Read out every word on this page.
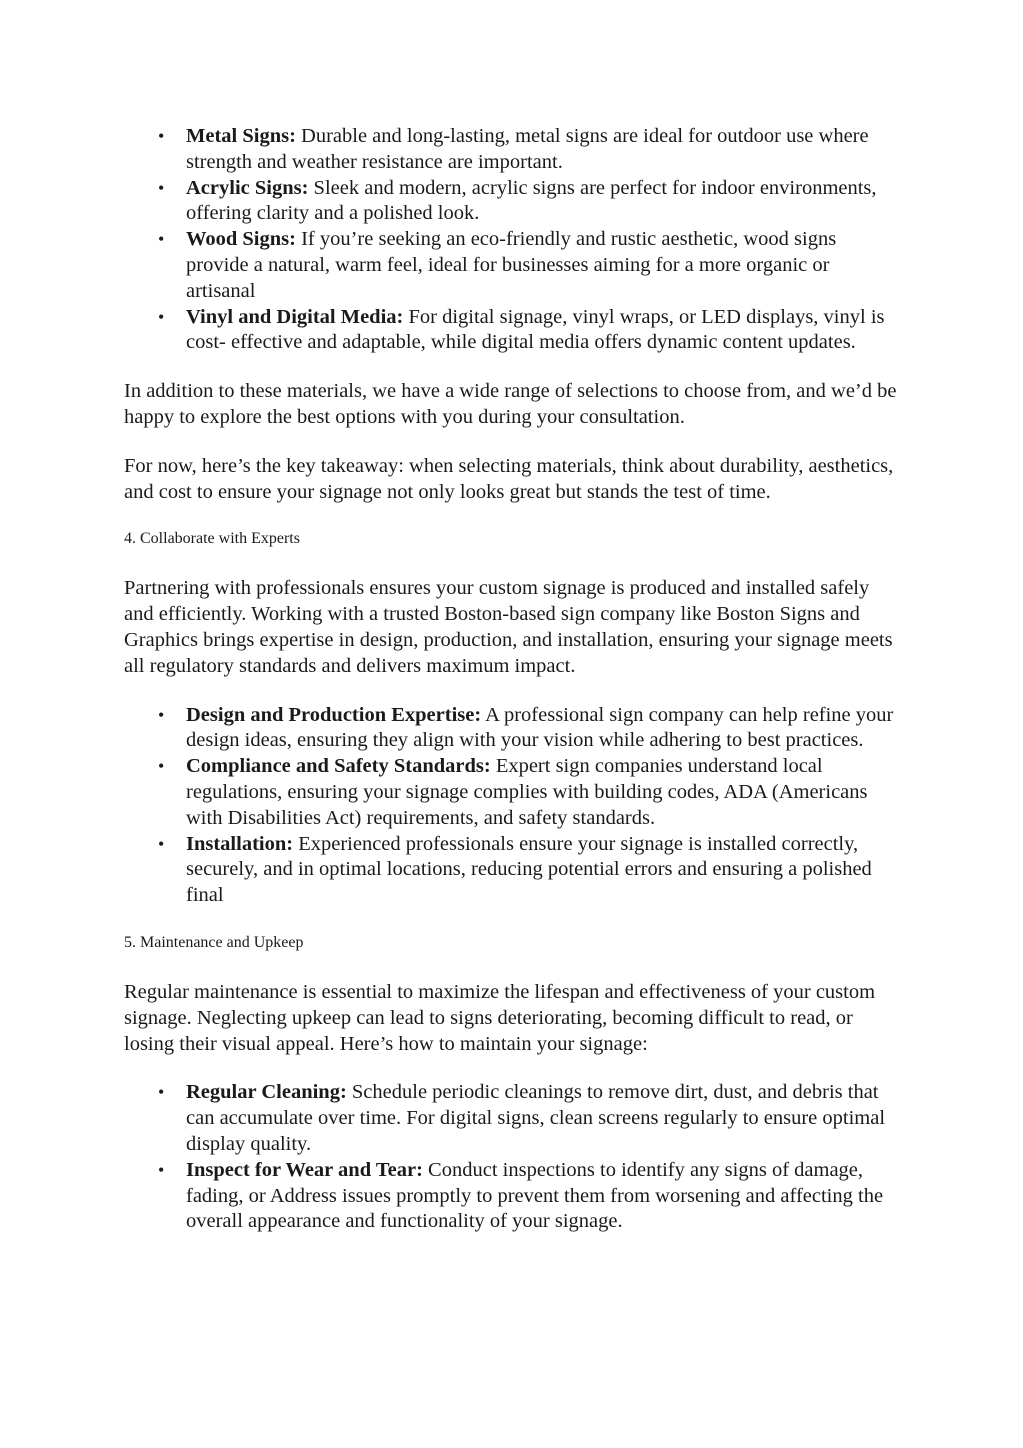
• Metal Signs: Durable and long-lasting, metal signs are ideal for outdoor use where strength and weather resistance are important.
• Acrylic Signs: Sleek and modern, acrylic signs are perfect for indoor environments, offering clarity and a polished look.
• Wood Signs: If you’re seeking an eco-friendly and rustic aesthetic, wood signs provide a natural, warm feel, ideal for businesses aiming for a more organic or artisanal
• Vinyl and Digital Media: For digital signage, vinyl wraps, or LED displays, vinyl is cost- effective and adaptable, while digital media offers dynamic content updates.

In addition to these materials, we have a wide range of selections to choose from, and we’d be happy to explore the best options with you during your consultation.

For now, here’s the key takeaway: when selecting materials, think about durability, aesthetics, and cost to ensure your signage not only looks great but stands the test of time.

4. Collaborate with Experts

Partnering with professionals ensures your custom signage is produced and installed safely and efficiently. Working with a trusted Boston-based sign company like Boston Signs and Graphics brings expertise in design, production, and installation, ensuring your signage meets all regulatory standards and delivers maximum impact.

• Design and Production Expertise: A professional sign company can help refine your design ideas, ensuring they align with your vision while adhering to best practices.
• Compliance and Safety Standards: Expert sign companies understand local regulations, ensuring your signage complies with building codes, ADA (Americans with Disabilities Act) requirements, and safety standards.
• Installation: Experienced professionals ensure your signage is installed correctly, securely, and in optimal locations, reducing potential errors and ensuring a polished final

5. Maintenance and Upkeep

Regular maintenance is essential to maximize the lifespan and effectiveness of your custom signage. Neglecting upkeep can lead to signs deteriorating, becoming difficult to read, or losing their visual appeal. Here’s how to maintain your signage:

• Regular Cleaning: Schedule periodic cleanings to remove dirt, dust, and debris that can accumulate over time. For digital signs, clean screens regularly to ensure optimal display quality.
• Inspect for Wear and Tear: Conduct inspections to identify any signs of damage, fading, or Address issues promptly to prevent them from worsening and affecting the overall appearance and functionality of your signage.
